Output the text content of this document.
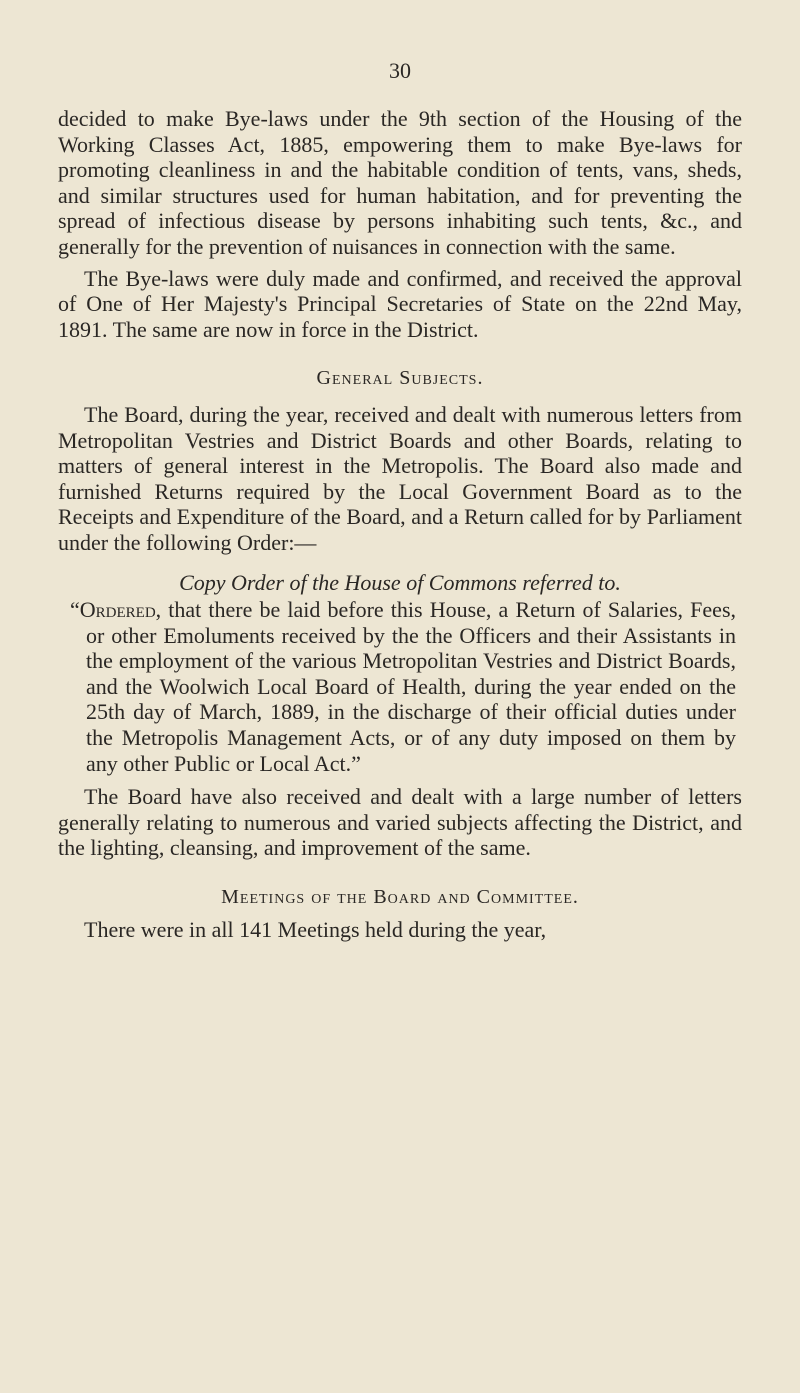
30

decided to make Bye-laws under the 9th section of the Housing of the Working Classes Act, 1885, empowering them to make Bye-laws for promoting cleanliness in and the habitable condition of tents, vans, sheds, and similar structures used for human habitation, and for preventing the spread of infectious disease by persons inhabiting such tents, &c., and generally for the prevention of nuisances in connection with the same.

The Bye-laws were duly made and confirmed, and received the approval of One of Her Majesty's Principal Secretaries of State on the 22nd May, 1891. The same are now in force in the District.

General Subjects.

The Board, during the year, received and dealt with numerous letters from Metropolitan Vestries and District Boards and other Boards, relating to matters of general interest in the Metropolis. The Board also made and furnished Returns required by the Local Government Board as to the Receipts and Expenditure of the Board, and a Return called for by Parliament under the following Order:—

Copy Order of the House of Commons referred to.

“Ordered, that there be laid before this House, a Return of Salaries, Fees, or other Emoluments received by the the Officers and their Assistants in the employment of the various Metropolitan Vestries and District Boards, and the Woolwich Local Board of Health, during the year ended on the 25th day of March, 1889, in the discharge of their official duties under the Metropolis Management Acts, or of any duty imposed on them by any other Public or Local Act.”

The Board have also received and dealt with a large number of letters generally relating to numerous and varied subjects affecting the District, and the lighting, cleansing, and improvement of the same.

Meetings of the Board and Committee.

There were in all 141 Meetings held during the year,
